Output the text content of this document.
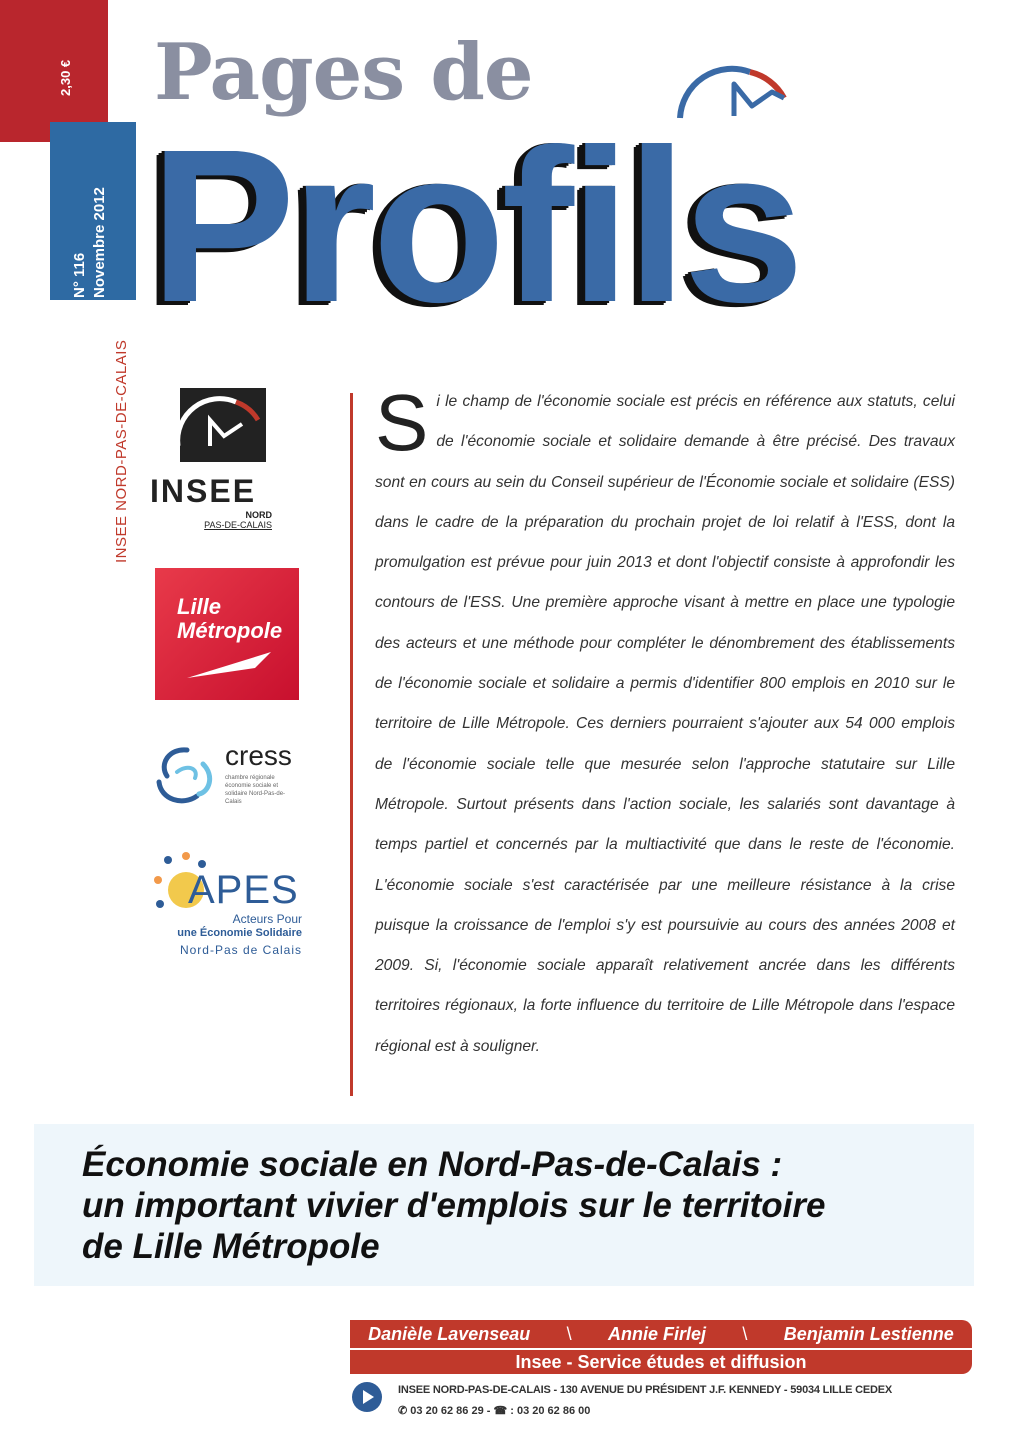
2,30 €
N° 116 Novembre 2012
INSEE NORD-PAS-DE-CALAIS
Pages de
Profils
INSEE
NORD
PAS-DE-CALAIS
Lille
Métropole
cress
chambre régionale économie sociale et solidaire Nord-Pas-de-Calais
APES
Acteurs Pour
une Économie Solidaire
Nord-Pas de Calais
Si le champ de l'économie sociale est précis en référence aux statuts, celui de l'économie sociale et solidaire demande à être précisé. Des travaux sont en cours au sein du Conseil supérieur de l'Économie sociale et solidaire (ESS) dans le cadre de la préparation du prochain projet de loi relatif à l'ESS, dont la promulgation est prévue pour juin 2013 et dont l'objectif consiste à approfondir les contours de l'ESS. Une première approche visant à mettre en place une typologie des acteurs et une méthode pour compléter le dénombrement des établissements de l'économie sociale et solidaire a permis d'identifier 800 emplois en 2010 sur le territoire de Lille Métropole. Ces derniers pourraient s'ajouter aux 54 000 emplois de l'économie sociale telle que mesurée selon l'approche statutaire sur Lille Métropole. Surtout présents dans l'action sociale, les salariés sont davantage à temps partiel et concernés par la multiactivité que dans le reste de l'économie. L'économie sociale s'est caractérisée par une meilleure résistance à la crise puisque la croissance de l'emploi s'y est poursuivie au cours des années 2008 et 2009. Si, l'économie sociale apparaît relativement ancrée dans les différents territoires régionaux, la forte influence du territoire de Lille Métropole dans l'espace régional est à souligner.
Économie sociale en Nord-Pas-de-Calais :
un important vivier d'emplois sur le territoire
de Lille Métropole
Danièle Lavenseau \ Annie Firlej \ Benjamin Lestienne
Insee - Service études et diffusion
INSEE NORD-PAS-DE-CALAIS - 130 AVENUE DU PRÉSIDENT J.F. KENNEDY - 59034 LILLE CEDEX
✆ 03 20 62 86 29 - ☎ : 03 20 62 86 00
